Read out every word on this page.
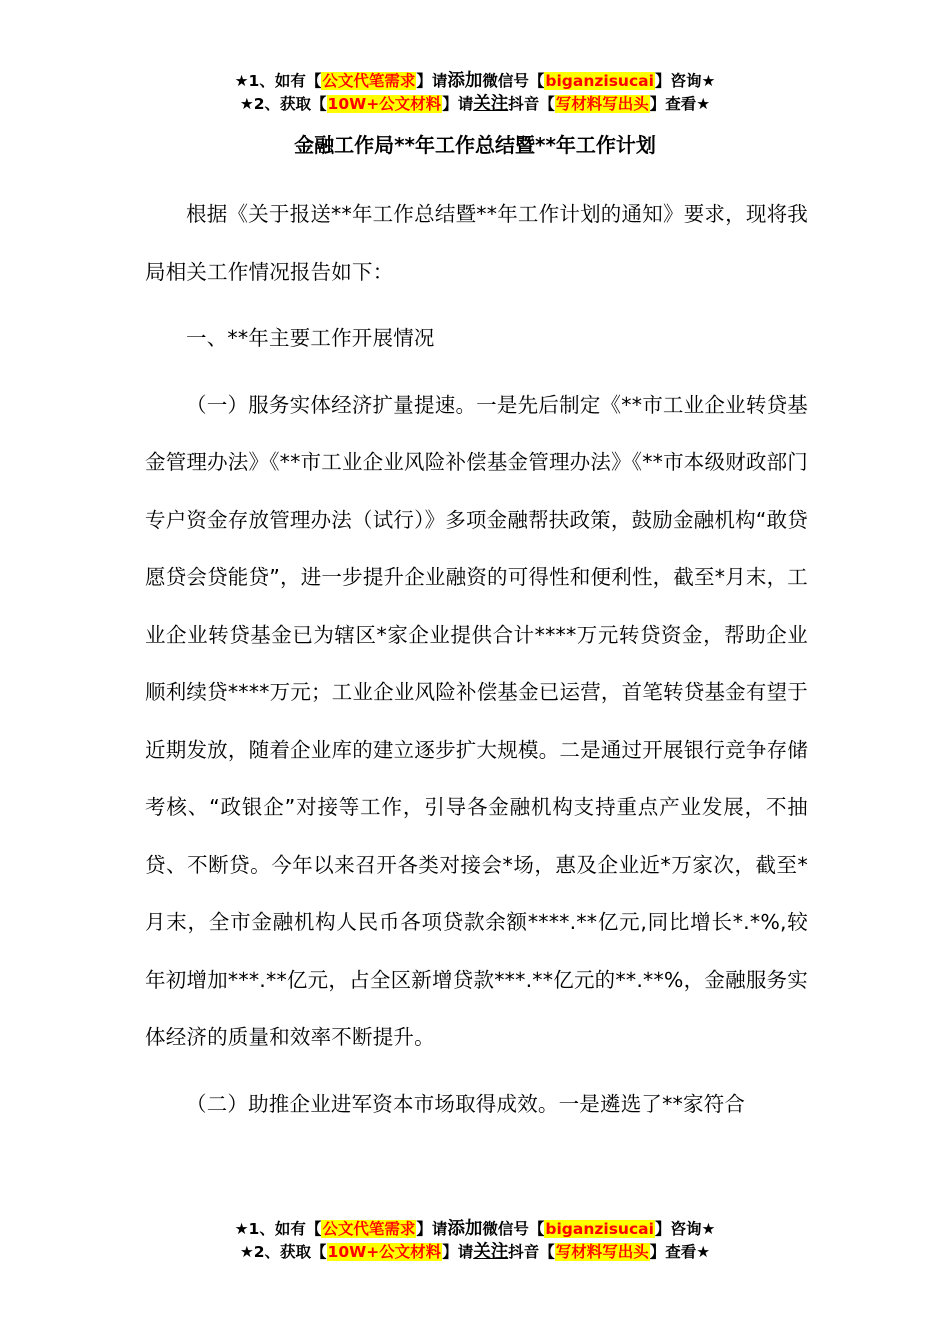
★1、如有【公文代笔需求】请添加微信号【biganzisucai】咨询★
★2、获取【10W+公文材料】请关注抖音【写材料写出头】查看★
金融工作局**年工作总结暨**年工作计划

根据《关于报送**年工作总结暨**年工作计划的通知》要求，现将我局相关工作情况报告如下：

一、**年主要工作开展情况

（一）服务实体经济扩量提速。一是先后制定《**市工业企业转贷基金管理办法》《**市工业企业风险补偿基金管理办法》《**市本级财政部门专户资金存放管理办法（试行）》多项金融帮扶政策，鼓励金融机构“敢贷愿贷会贷能贷”，进一步提升企业融资的可得性和便利性，截至*月末，工业企业转贷基金已为辖区*家企业提供合计****万元转贷资金，帮助企业顺利续贷****万元；工业企业风险补偿基金已运营，首笔转贷基金有望于近期发放，随着企业库的建立逐步扩大规模。二是通过开展银行竞争存储考核、“政银企”对接等工作，引导各金融机构支持重点产业发展，不抽贷、不断贷。今年以来召开各类对接会*场，惠及企业近*万家次，截至*月末，全市金融机构人民币各项贷款余额****.**亿元,同比增长*.*%,较年初增加***.**亿元，占全区新增贷款***.**亿元的**.**%，金融服务实体经济的质量和效率不断提升。

（二）助推企业进军资本市场取得成效。一是遴选了**家符合

★1、如有【公文代笔需求】请添加微信号【biganzisucai】咨询★
★2、获取【10W+公文材料】请关注抖音【写材料写出头】查看★
